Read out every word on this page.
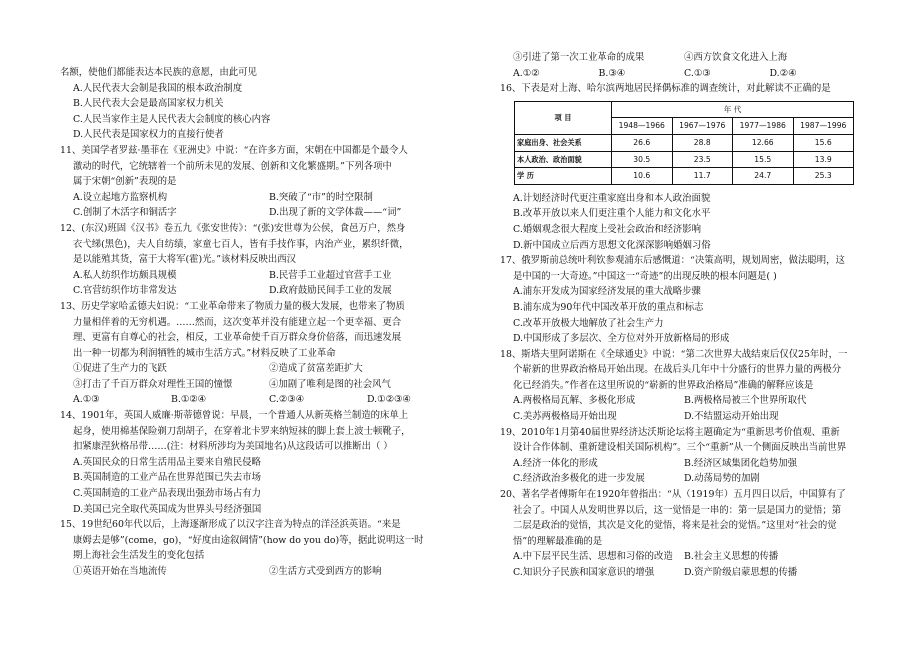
名额，使他们都能表达本民族的意愿，由此可见
A.人民代表大会制是我国的根本政治制度
B.人民代表大会是最高国家权力机关
C.人民当家作主是人民代表大会制度的核心内容
D.人民代表是国家权力的直接行使者
11、美国学者罗兹·墨菲在《亚洲史》中说：“在许多方面，宋朝在中国都是个最令人
激动的时代，它统辖着一个前所未见的发展、创新和文化繁盛期。”下列各项中
属于宋朝“创新”表现的是
A.设立起地方监察机构	B.突破了“市”的时空限制
C.创制了木活字和铜活字	D.出现了新的文学体裁——“词”
12、(东汉)班固《汉书》卷五九《张安世传》：“(张)安世尊为公侯，食邑万户，然身
衣弋绨(黑色)，夫人自纺绩，家童七百人，皆有手技作事，内治产业，累织纤微，
是以能殖其货，富于大将军(霍)光。”该材料反映出西汉
A.私人纺织作坊颇具规模	B.民营手工业超过官营手工业
C.官营纺织作坊非常发达	D.政府鼓励民间手工业的发展
13、历史学家哈孟德夫妇说：“工业革命带来了物质力量的极大发展，也带来了物质
力量相伴着的无穷机遇。……然而，这次变革并没有能建立起一个更幸福、更合
理、更富有自尊心的社会，相反，工业革命使千百万群众身价倍落，而迅速发展
出一种一切都为利润牺牲的城市生活方式。”材料反映了工业革命
①促进了生产力的飞跃	②造成了贫富差距扩大
③打击了千百万群众对理性王国的憧憬	④加剧了唯利是图的社会风气
A.①③	B.①②④	C.②③④	D.①②③④
14、1901年，英国人威廉·斯蒂德曾说：早晨，一个普通人从新英格兰制造的床单上
起身，使用棉基保险剃刀刮胡子，在穿着北卡罗来纳短袜的脚上套上波士顿靴子，
扣紧康涅狄格吊带……(注：材料所涉均为美国地名)从这段话可以推断出（ ）
A.英国民众的日常生活用品主要来自殖民侵略
B.英国制造的工业产品在世界范围已失去市场
C.英国制造的工业产品表现出强劲市场占有力
D.美国已完全取代英国成为世界头号经济强国
15、19世纪60年代以后，上海逐渐形成了以汉字注音为特点的洋泾浜英语。“来是
康姆去是够”(come，go)，“好度由途叙阔情”(how do you do)等，据此说明这一时
期上海社会生活发生的变化包括
①英语开始在当地流传	②生活方式受到西方的影响
③引进了第一次工业革命的成果	④西方饮食文化进入上海
A.①②	B.③④	C.①③	D.②④
16、下表是对上海、哈尔滨两地居民择偶标准的调查统计，对此解读不正确的是
项 目	年 代			
	1948—1966	1967—1976	1977—1986	1987—1996
家庭出身、社会关系	26.6	28.8	12.66	15.6
本人政治、政治面貌	30.5	23.5	15.5	13.9
学 历	10.6	11.7	24.7	25.3
A.计划经济时代更注重家庭出身和本人政治面貌
B.改革开放以来人们更注重个人能力和文化水平
C.婚姻观念很大程度上受社会政治和经济影响
D.新中国成立后西方思想文化深深影响婚姻习俗
17、俄罗斯前总统叶利钦参观浦东后感慨道：“决策高明，规划周密，做法聪明，这
是中国的一大奇迹。”中国这一“奇迹”的出现反映的根本问题是( )
A.浦东开发成为国家经济发展的重大战略步骤
B.浦东成为90年代中国改革开放的重点和标志
C.改革开放极大地解放了社会生产力
D.中国形成了多层次、全方位对外开放新格局的形成
18、斯塔夫里阿诺斯在《全球通史》中说：“第二次世界大战结束后仅仅25年时，一
个崭新的世界政治格局开始出现。在战后头几年中十分盛行的世界力量的两极分
化已经消失。”作者在这里所说的“崭新的世界政治格局”准确的解释应该是
A.两极格局瓦解、多极化形成	B.两极格局被三个世界所取代
C.美苏两极格局开始出现	D.不结盟运动开始出现
19、2010年1月第40届世界经济达沃斯论坛将主题确定为“重新思考价值观、重新
设计合作体制、重新建设相关国际机构”。三个“重新”从一个侧面反映出当前世界
A.经济一体化的形成	B.经济区域集团化趋势加强
C.经济政治多极化的进一步发展	D.动荡局势的加剧
20、著名学者傅斯年在1920年曾指出：“从（1919年）五月四日以后，中国算有了
社会了。中国人从发明世界以后，这一觉悟是一串的：第一层是国力的觉悟；第
二层是政治的觉悟，其次是文化的觉悟，将来是社会的觉悟。”这里对“社会的觉
悟”的理解最准确的是
A.中下层平民生活、思想和习俗的改造	B.社会主义思想的传播
C.知识分子民族和国家意识的增强	D.资产阶级启蒙思想的传播
